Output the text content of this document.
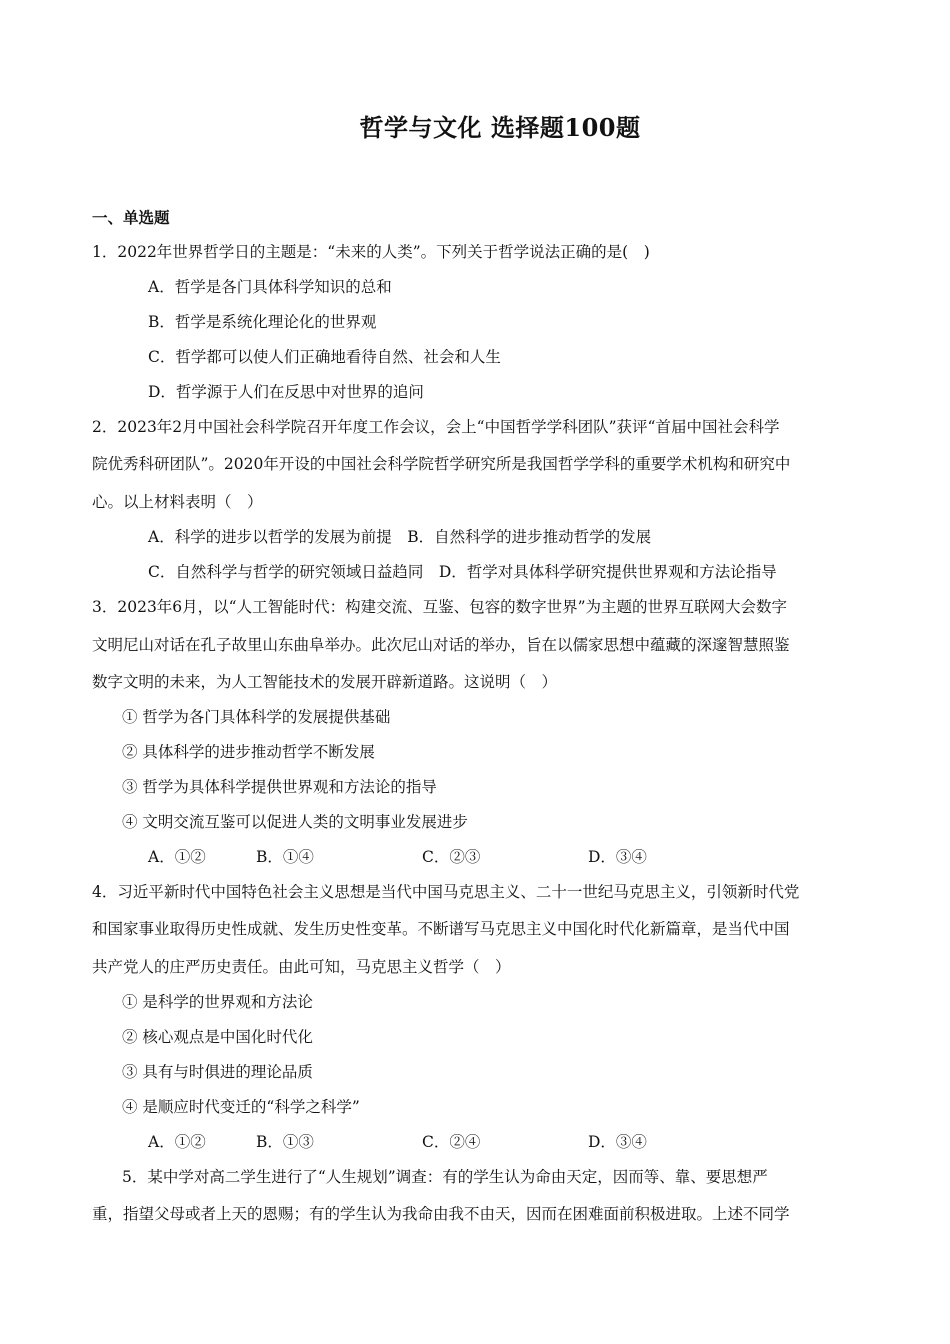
哲学与文化 选择题100题
一、单选题
1．2022年世界哲学日的主题是：“未来的人类”。下列关于哲学说法正确的是(　)
A．哲学是各门具体科学知识的总和
B．哲学是系统化理论化的世界观
C．哲学都可以使人们正确地看待自然、社会和人生
D．哲学源于人们在反思中对世界的追问
2．2023年2月中国社会科学院召开年度工作会议，会上“中国哲学学科团队”获评“首届中国社会科学
院优秀科研团队”。2020年开设的中国社会科学院哲学研究所是我国哲学学科的重要学术机构和研究中
心。以上材料表明（　）
A．科学的进步以哲学的发展为前提　B．自然科学的进步推动哲学的发展
C．自然科学与哲学的研究领域日益趋同　D．哲学对具体科学研究提供世界观和方法论指导
3．2023年6月，以“人工智能时代：构建交流、互鉴、包容的数字世界”为主题的世界互联网大会数字
文明尼山对话在孔子故里山东曲阜举办。此次尼山对话的举办，旨在以儒家思想中蕴藏的深邃智慧照鉴
数字文明的未来，为人工智能技术的发展开辟新道路。这说明（　）
① 哲学为各门具体科学的发展提供基础
② 具体科学的进步推动哲学不断发展
③ 哲学为具体科学提供世界观和方法论的指导
④ 文明交流互鉴可以促进人类的文明事业发展进步
A．①②	B．①④	C．②③	D．③④
4．习近平新时代中国特色社会主义思想是当代中国马克思主义、二十一世纪马克思主义，引领新时代党
和国家事业取得历史性成就、发生历史性变革。不断谱写马克思主义中国化时代化新篇章，是当代中国
共产党人的庄严历史责任。由此可知，马克思主义哲学（　）
① 是科学的世界观和方法论
② 核心观点是中国化时代化
③ 具有与时俱进的理论品质
④ 是顺应时代变迁的“科学之科学”
A．①②	B．①③	C．②④	D．③④
5．某中学对高二学生进行了“人生规划”调查：有的学生认为命由天定，因而等、靠、要思想严
重，指望父母或者上天的恩赐；有的学生认为我命由我不由天，因而在困难面前积极进取。上述不同学
